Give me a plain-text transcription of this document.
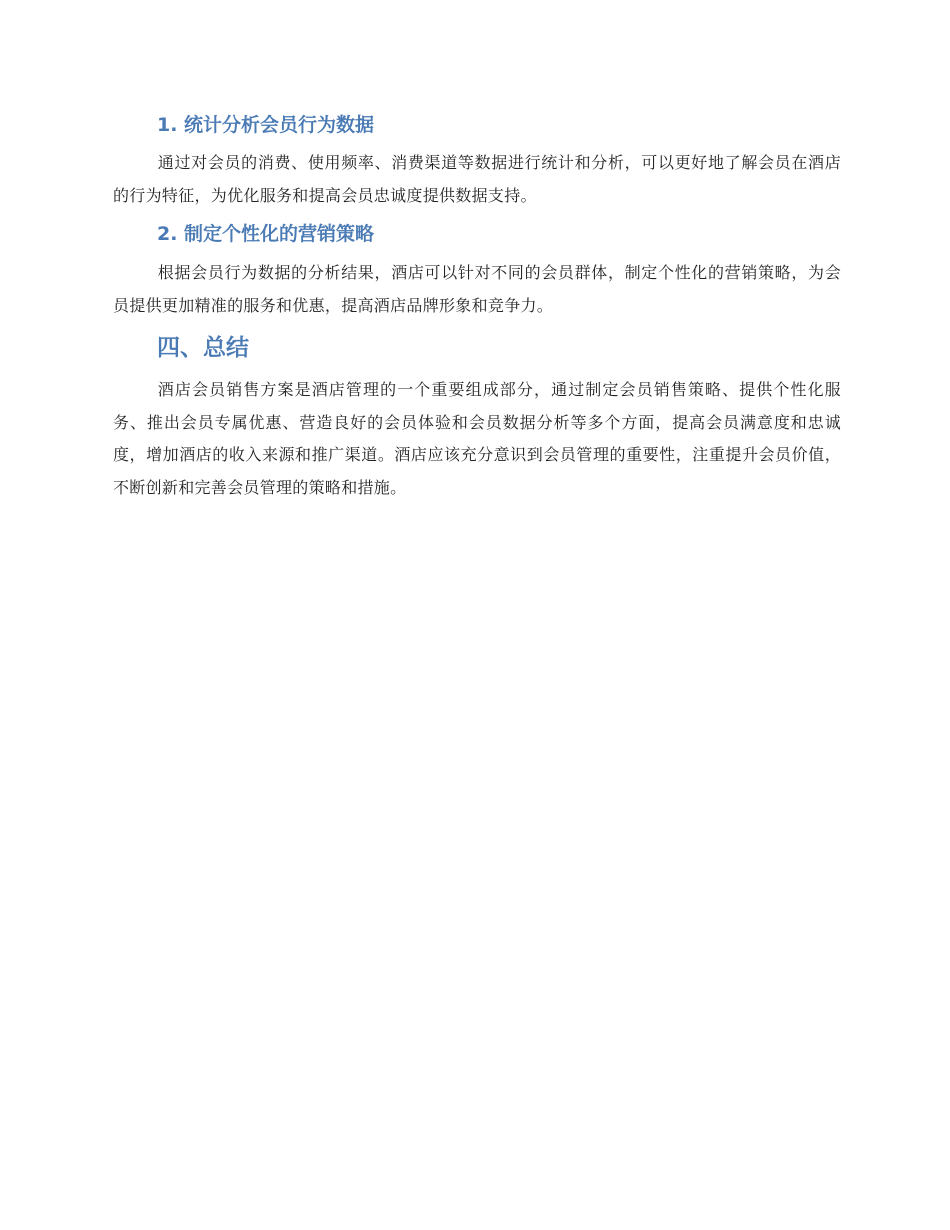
1. 统计分析会员行为数据

通过对会员的消费、使用频率、消费渠道等数据进行统计和分析，可以更好地了解会员在酒店的行为特征，为优化服务和提高会员忠诚度提供数据支持。

2. 制定个性化的营销策略

根据会员行为数据的分析结果，酒店可以针对不同的会员群体，制定个性化的营销策略，为会员提供更加精准的服务和优惠，提高酒店品牌形象和竞争力。

四、总结

酒店会员销售方案是酒店管理的一个重要组成部分，通过制定会员销售策略、提供个性化服务、推出会员专属优惠、营造良好的会员体验和会员数据分析等多个方面，提高会员满意度和忠诚度，增加酒店的收入来源和推广渠道。酒店应该充分意识到会员管理的重要性，注重提升会员价值，不断创新和完善会员管理的策略和措施。
